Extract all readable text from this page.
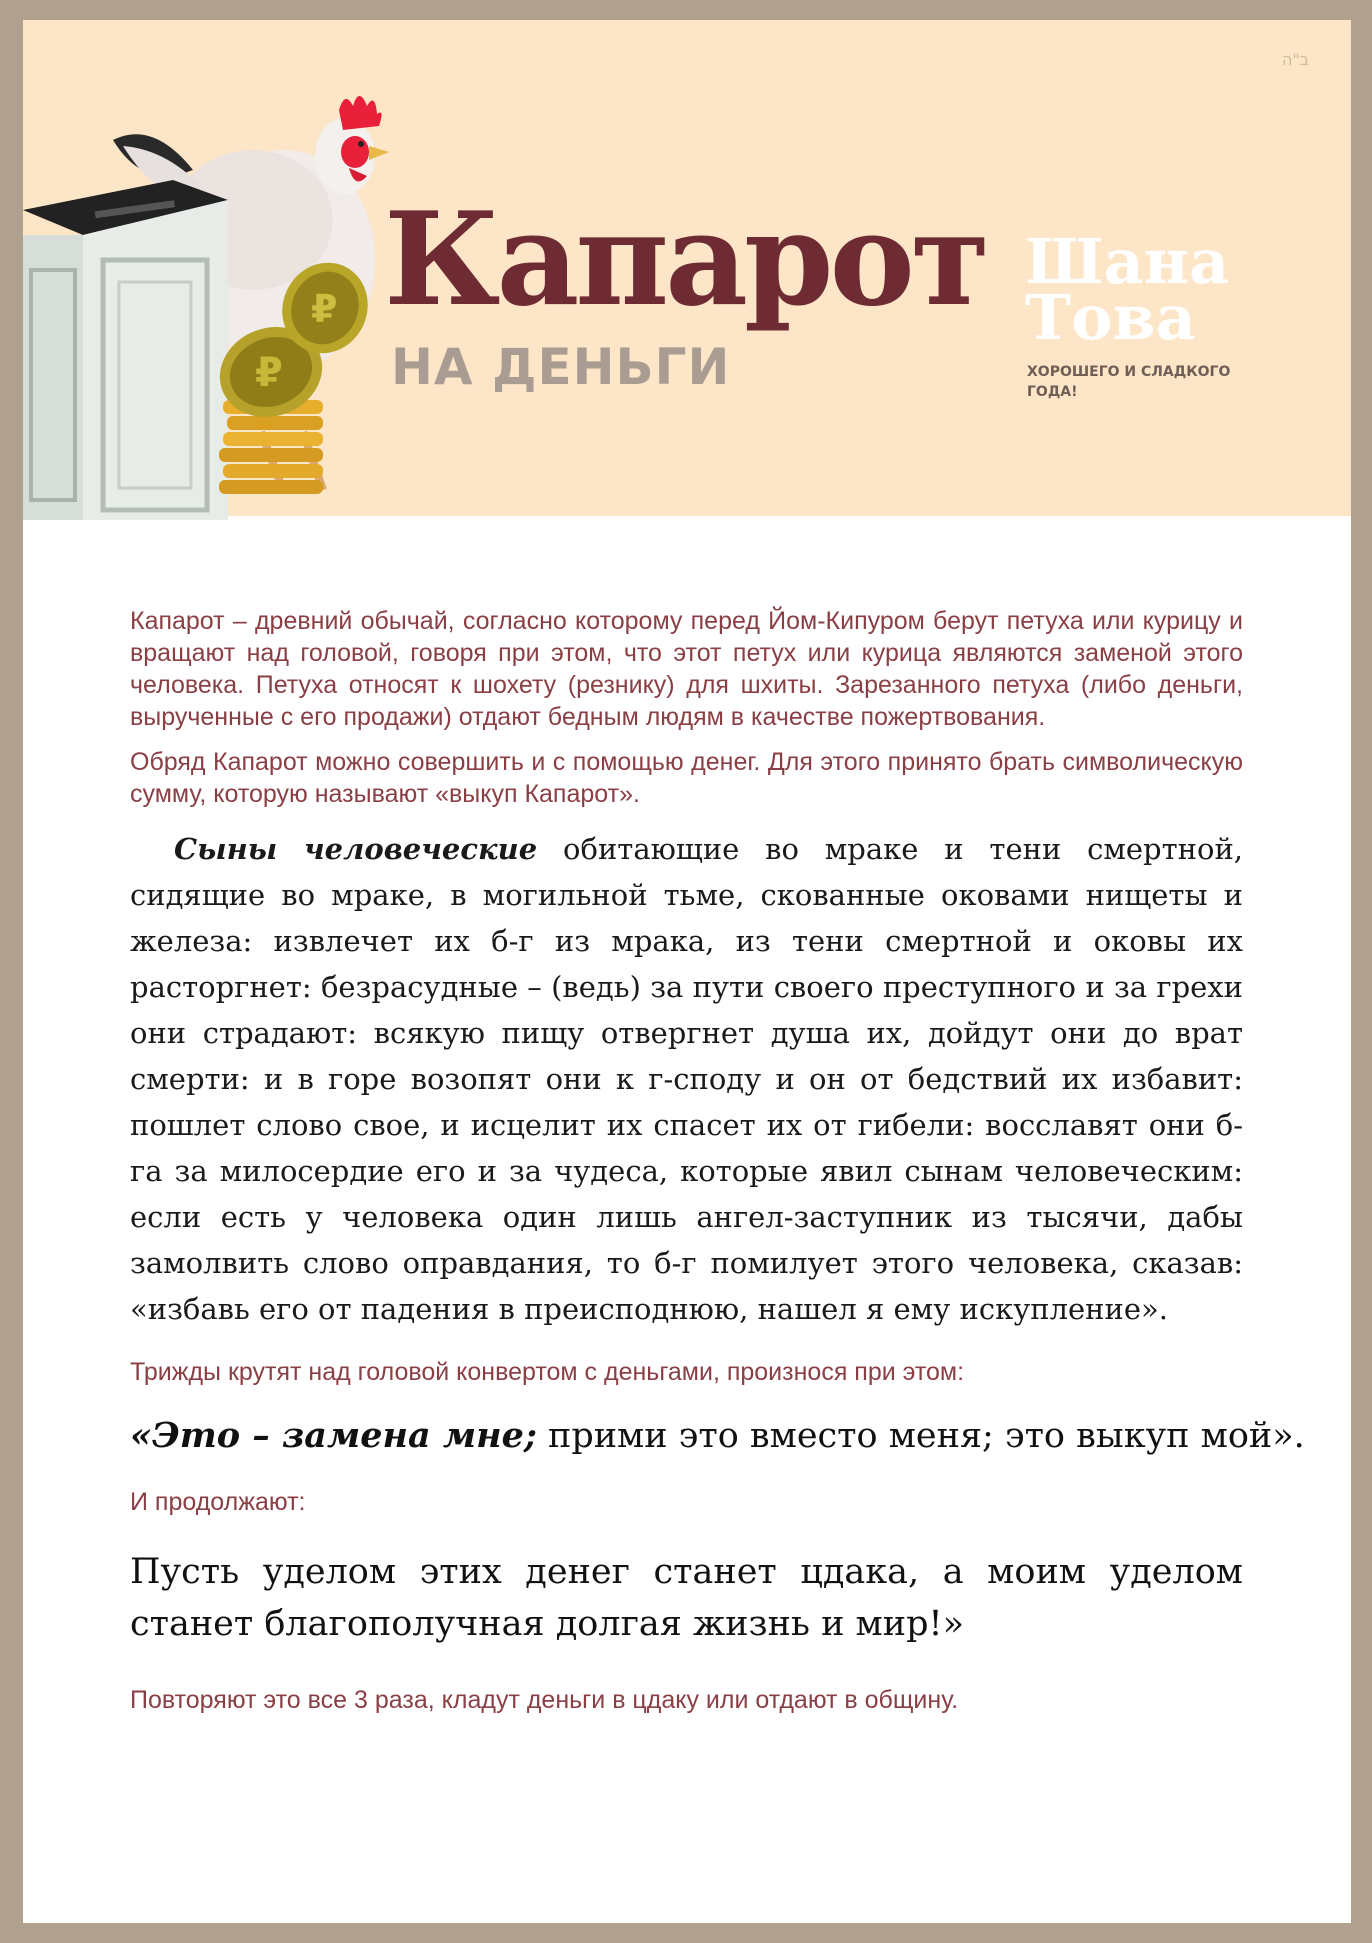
ב"ה
₽
₽ Капарот
НА ДЕНЬГИ
Шана
Това
ХОРОШЕГО И СЛАДКОГО ГОДА!

Капарот – древний обычай, согласно которому перед Йом-Кипуром берут петуха или курицу и вращают над головой, говоря при этом, что этот петух или курица являются заменой этого человека. Петуха относят к шохету (резнику) для шхиты. Зарезанного петуха (либо деньги, вырученные с его продажи) отдают бедным людям в качестве пожертвования.

Обряд Капарот можно совершить и с помощью денег. Для этого принято брать символическую сумму, которую называют «выкуп Капарот».

Сыны человеческие обитающие во мраке и тени смертной, сидящие во мраке, в могильной тьме, скованные оковами нищеты и железа: извлечет их б-г из мрака, из тени смертной и оковы их расторгнет: безрасудные – (ведь) за пути своего преступного и за грехи они страдают: всякую пищу отвергнет душа их, дойдут они до врат смерти: и в горе возопят они к г-споду и он от бедствий их избавит: пошлет слово свое, и исцелит их спасет их от гибели: восславят они б-га за милосердие его и за чудеса, которые явил сынам человеческим: если есть у человека один лишь ангел-заступник из тысячи, дабы замолвить слово оправдания, то б-г помилует этого человека, сказав: «избавь его от падения в преисподнюю, нашел я ему искупление».

Трижды крутят над головой конвертом с деньгами, произнося при этом:

«Это – замена мне; прими это вместо меня; это выкуп мой».

И продолжают:

Пусть уделом этих денег станет цдака, а моим уделом станет благополучная долгая жизнь и мир!»

Повторяют это все 3 раза, кладут деньги в цдаку или отдают в общину.
